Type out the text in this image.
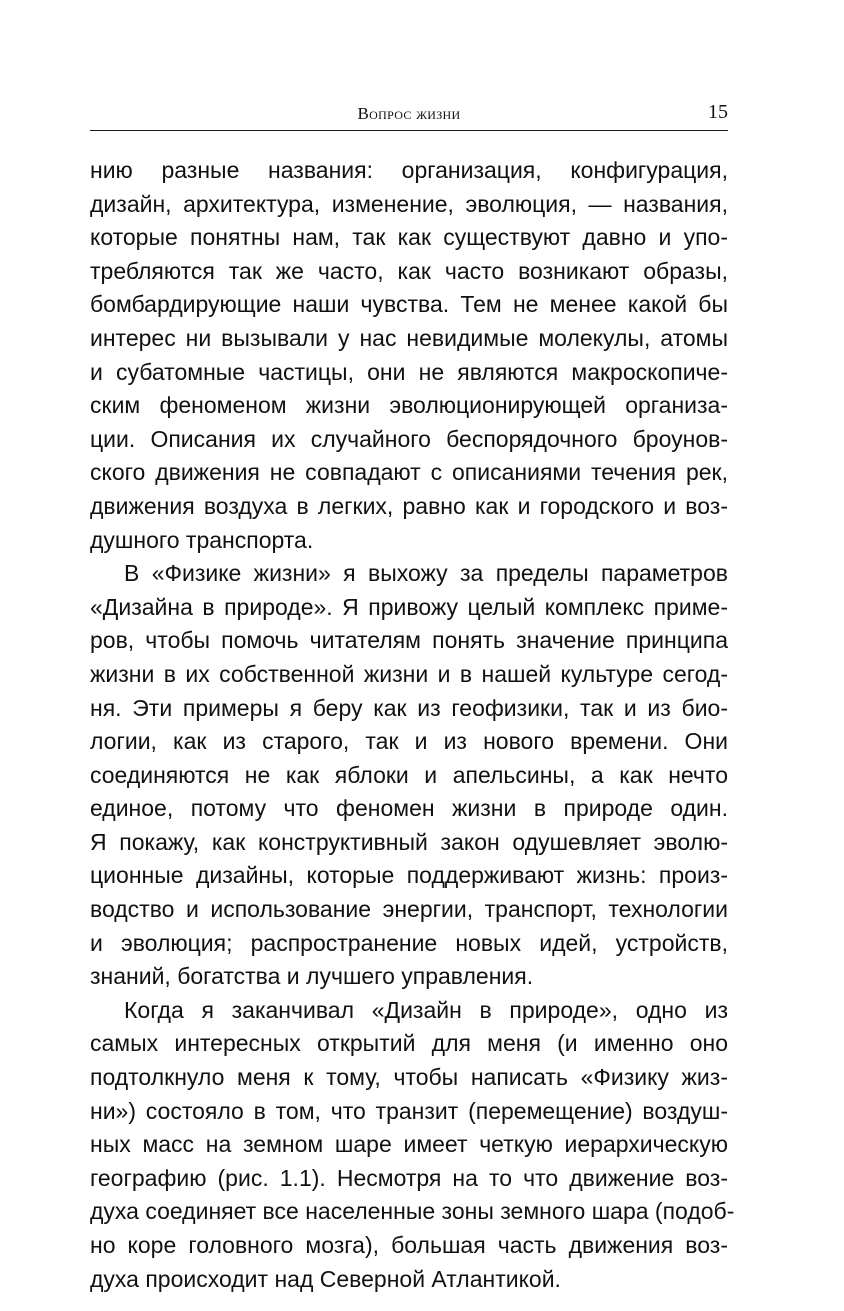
Вопрос жизни	15
нию разные названия: организация, конфигурация,
дизайн, архитектура, изменение, эволюция, — названия,
которые понятны нам, так как существуют давно и упо-
требляются так же часто, как часто возникают образы,
бомбардирующие наши чувства. Тем не менее какой бы
интерес ни вызывали у нас невидимые молекулы, атомы
и субатомные частицы, они не являются макроскопиче-
ским феноменом жизни эволюционирующей организа-
ции. Описания их случайного беспорядочного броунов-
ского движения не совпадают с описаниями течения рек,
движения воздуха в легких, равно как и городского и воз-
душного транспорта.
В «Физике жизни» я выхожу за пределы параметров
«Дизайна в природе». Я привожу целый комплекс приме-
ров, чтобы помочь читателям понять значение принципа
жизни в их собственной жизни и в нашей культуре сегод-
ня. Эти примеры я беру как из геофизики, так и из био-
логии, как из старого, так и из нового времени. Они
соединяются не как яблоки и апельсины, а как нечто
единое, потому что феномен жизни в природе один.
Я покажу, как конструктивный закон одушевляет эволю-
ционные дизайны, которые поддерживают жизнь: произ-
водство и использование энергии, транспорт, технологии
и эволюция; распространение новых идей, устройств,
знаний, богатства и лучшего управления.
Когда я заканчивал «Дизайн в природе», одно из
самых интересных открытий для меня (и именно оно
подтолкнуло меня к тому, чтобы написать «Физику жиз-
ни») состояло в том, что транзит (перемещение) воздуш-
ных масс на земном шаре имеет четкую иерархическую
географию (рис. 1.1). Несмотря на то что движение воз-
духа соединяет все населенные зоны земного шара (подоб-
но коре головного мозга), большая часть движения воз-
духа происходит над Северной Атлантикой.
